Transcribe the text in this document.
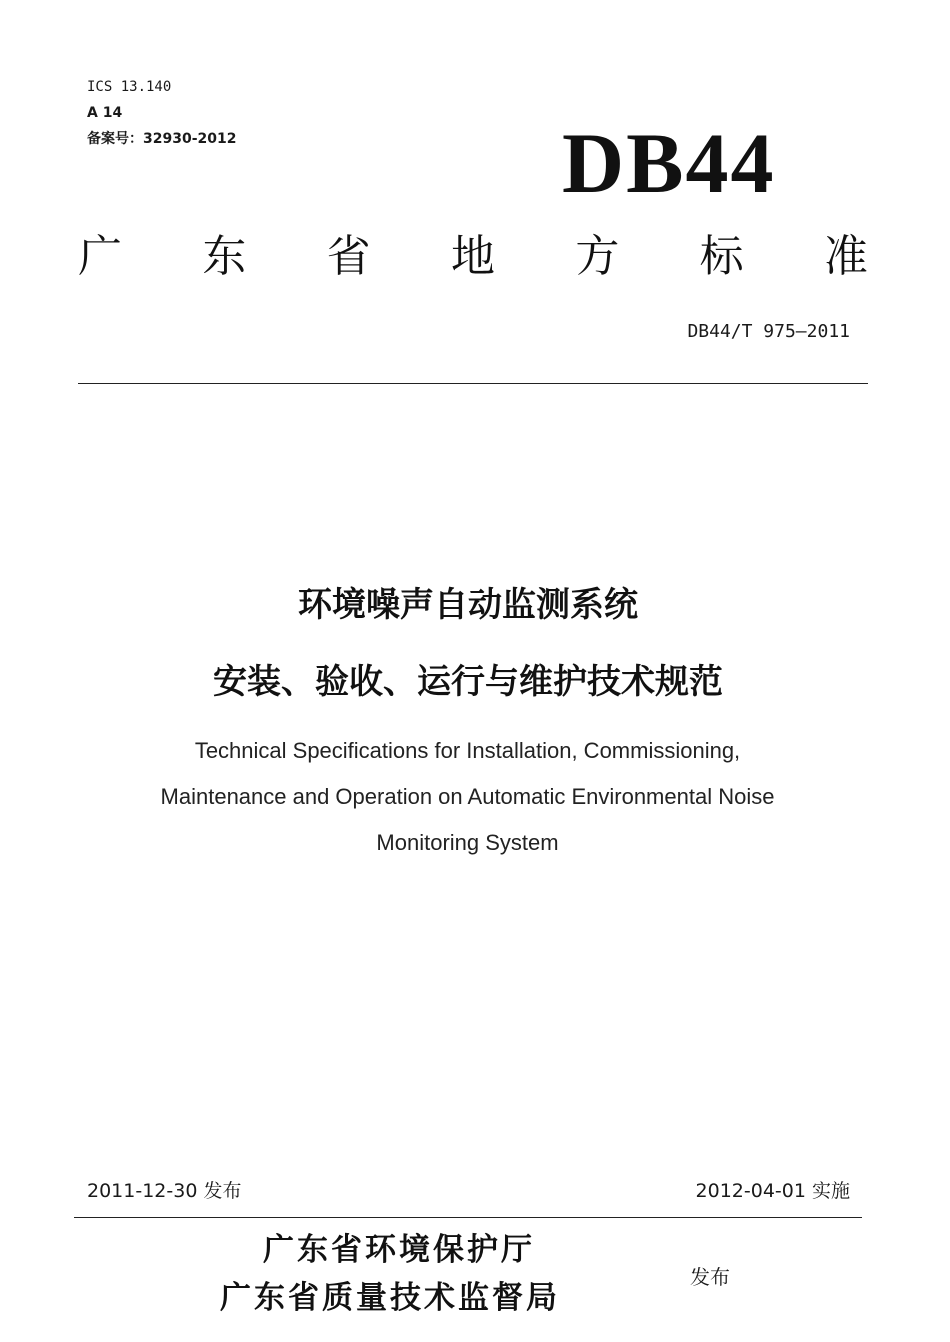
ICS 13.140
A 14
备案号：32930-2012	DB44
广 东 省 地 方 标 准
DB44/T 975—2011
环境噪声自动监测系统
安装、验收、运行与维护技术规范
Technical Specifications for Installation, Commissioning,
Maintenance and Operation on Automatic Environmental Noise
Monitoring System
2011-12-30 发布	2012-04-01 实施
广东省环境保护厅
广东省质量技术监督局
发布
